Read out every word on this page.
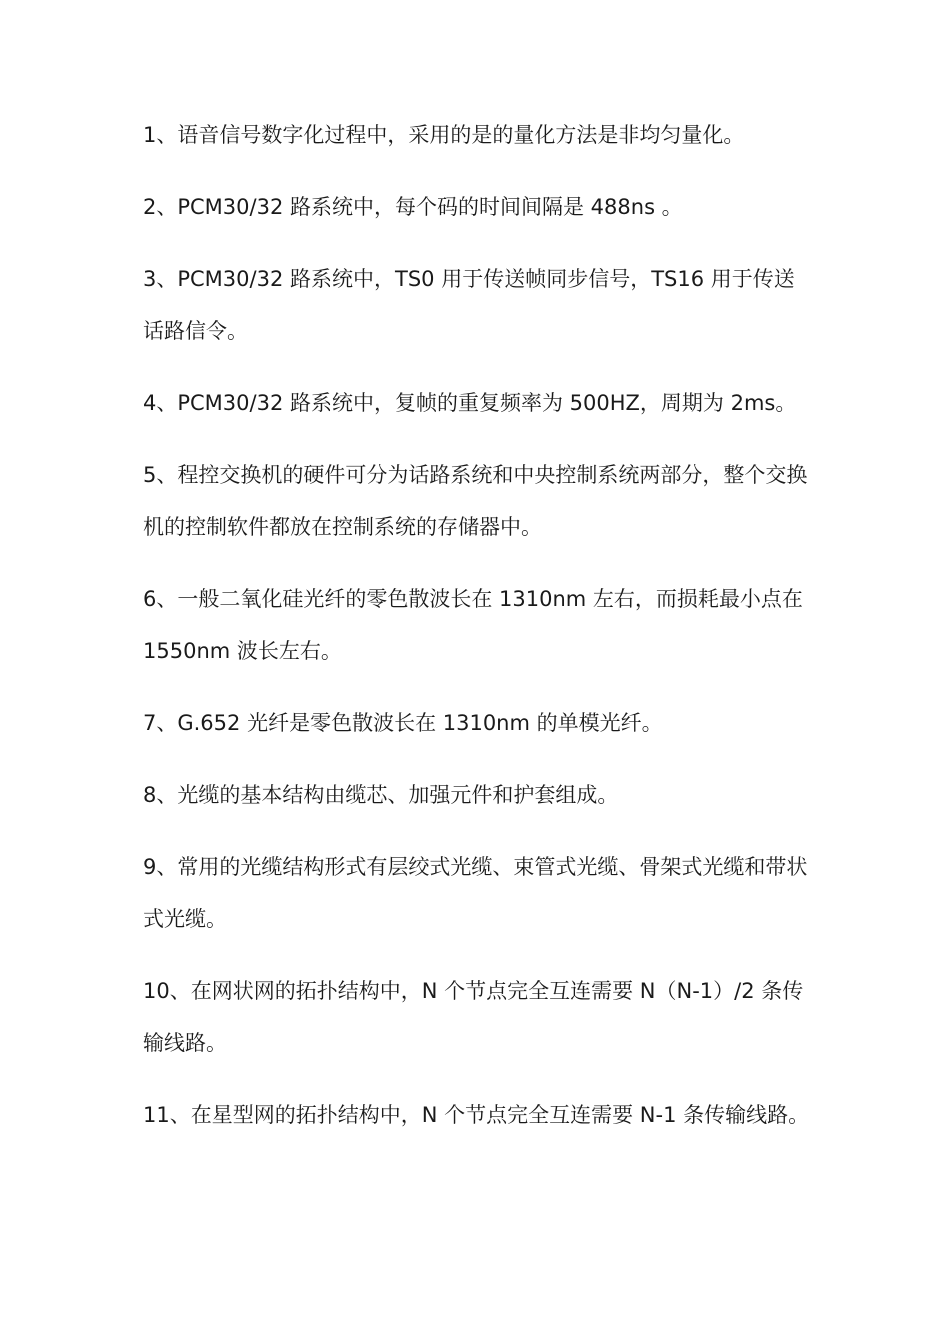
1、语音信号数字化过程中，采用的是的量化方法是非均匀量化。

2、PCM30/32 路系统中，每个码的时间间隔是 488ns 。

3、PCM30/32 路系统中，TS0 用于传送帧同步信号，TS16 用于传送话路信令。

4、PCM30/32 路系统中，复帧的重复频率为 500HZ，周期为 2ms。

5、程控交换机的硬件可分为话路系统和中央控制系统两部分，整个交换机的控制软件都放在控制系统的存储器中。

6、一般二氧化硅光纤的零色散波长在 1310nm 左右，而损耗最小点在 1550nm 波长左右。

7、G.652 光纤是零色散波长在 1310nm 的单模光纤。

8、光缆的基本结构由缆芯、加强元件和护套组成。

9、常用的光缆结构形式有层绞式光缆、束管式光缆、骨架式光缆和带状式光缆。

10、在网状网的拓扑结构中，N 个节点完全互连需要 N（N-1）/2 条传输线路。

11、在星型网的拓扑结构中，N 个节点完全互连需要 N-1 条传输线路。
